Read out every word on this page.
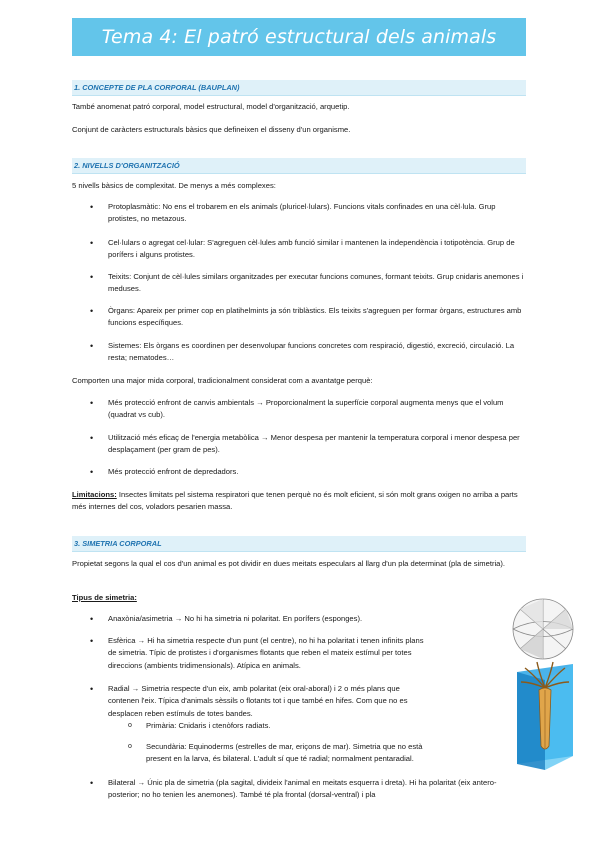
Tema 4: El patró estructural dels animals
1. CONCEPTE DE PLA CORPORAL (BAUPLAN)
També anomenat patró corporal, model estructural, model d'organització, arquetip.
Conjunt de caràcters estructurals bàsics que defineixen el disseny d'un organisme.
2. NIVELLS D'ORGANITZACIÓ
5 nivells bàsics de complexitat. De menys a més complexes:
• Protoplasmàtic: No ens el trobarem en els animals (pluricel·lulars). Funcions vitals confinades en una cèl·lula. Grup protistes, no metazous.
• Cel·lulars o agregat cel·lular: S'agreguen cèl·lules amb funció similar i mantenen la independència i totipotència. Grup de porífers i alguns protistes.
• Teixits: Conjunt de cèl·lules similars organitzades per executar funcions comunes, formant teixits. Grup cnidaris anemones i meduses.
• Òrgans: Apareix per primer cop en platihelmints ja són triblàstics. Els teixits s'agreguen per formar òrgans, estructures amb funcions específiques.
• Sistemes: Els òrgans es coordinen per desenvolupar funcions concretes com respiració, digestió, excreció, circulació. La resta; nematodes…
Comporten una major mida corporal, tradicionalment considerat com a avantatge perquè:
• Més protecció enfront de canvis ambientals → Proporcionalment la superfície corporal augmenta menys que el volum (quadrat vs cub).
• Utilització més eficaç de l'energia metabòlica → Menor despesa per mantenir la temperatura corporal i menor despesa per desplaçament (per gram de pes).
• Més protecció enfront de depredadors.
Limitacions: Insectes limitats pel sistema respiratori que tenen perquè no és molt eficient, si són molt grans oxigen no arriba a parts més internes del cos, voladors pesarien massa.
3. SIMETRIA CORPORAL
Propietat segons la qual el cos d'un animal es pot dividir en dues meitats especulars al llarg d'un pla determinat (pla de simetria).
Tipus de simetria:
• Anaxònia/asimetria → No hi ha simetria ni polaritat. En porífers (esponges).
• Esfèrica → Hi ha simetria respecte d'un punt (el centre), no hi ha polaritat i tenen infinits plans de simetria. Típic de protistes i d'organismes flotants que reben el mateix estímul per totes direccions (ambients tridimensionals). Atípica en animals.
• Radial → Simetria respecte d'un eix, amb polaritat (eix oral-aboral) i 2 o més plans que contenen l'eix. Típica d'animals sèssils o flotants tot i que també en hifes. Com que no es desplacen reben estímuls de totes bandes.
o Primària: Cnidaris i ctenòfors radiats.
o Secundària: Equinoderms (estrelles de mar, eriçons de mar). Simetria que no està present en la larva, és bilateral. L'adult sí que té radial; normalment pentaradial.
• Bilateral → Únic pla de simetria (pla sagital, divideix l'animal en meitats esquerra i dreta). Hi ha polaritat (eix antero-posterior; no ho tenien les anemones). També té pla frontal (dorsal-ventral) i pla
